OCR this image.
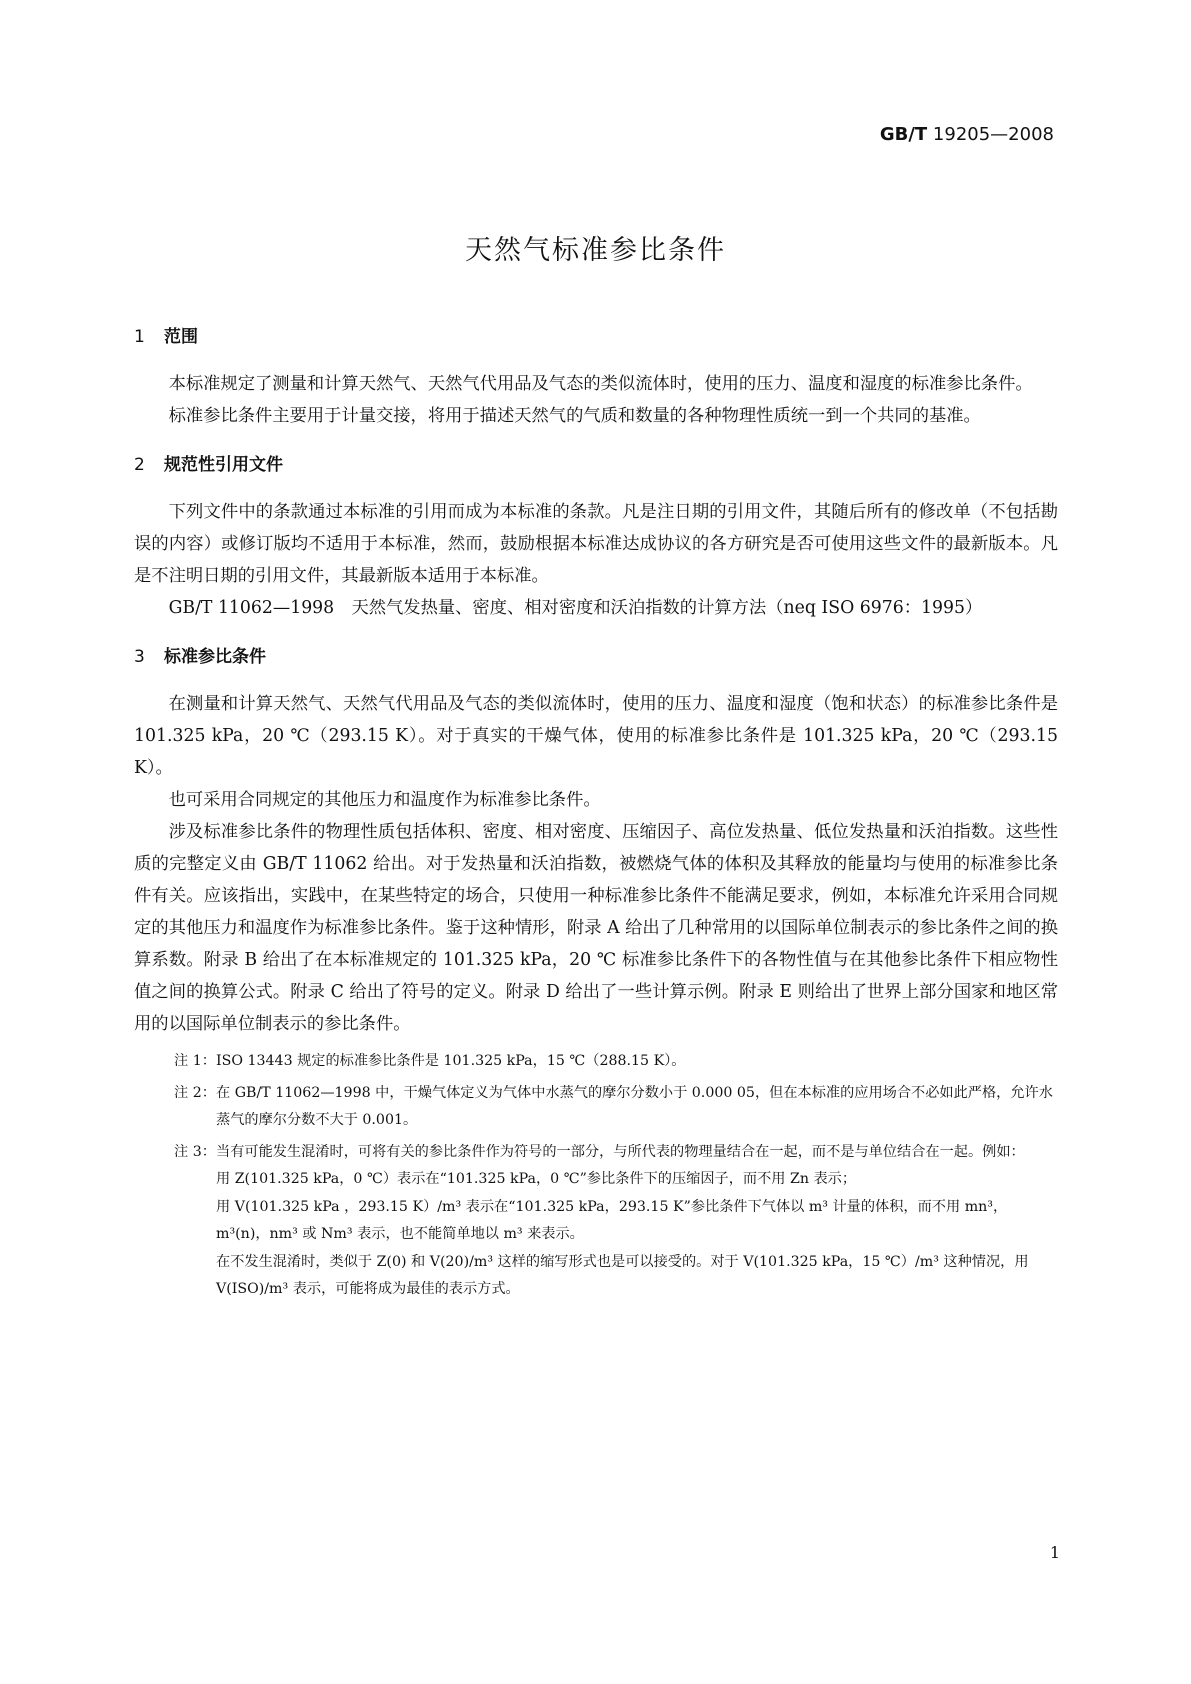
GB/T 19205—2008
天然气标准参比条件
1 范围

本标准规定了测量和计算天然气、天然气代用品及气态的类似流体时，使用的压力、温度和湿度的标准参比条件。

标准参比条件主要用于计量交接，将用于描述天然气的气质和数量的各种物理性质统一到一个共同的基准。

2 规范性引用文件

下列文件中的条款通过本标准的引用而成为本标准的条款。凡是注日期的引用文件，其随后所有的修改单（不包括勘误的内容）或修订版均不适用于本标准，然而，鼓励根据本标准达成协议的各方研究是否可使用这些文件的最新版本。凡是不注明日期的引用文件，其最新版本适用于本标准。

GB/T 11062—1998　天然气发热量、密度、相对密度和沃泊指数的计算方法（neq ISO 6976：1995）

3 标准参比条件

在测量和计算天然气、天然气代用品及气态的类似流体时，使用的压力、温度和湿度（饱和状态）的标准参比条件是 101.325 kPa，20 ℃（293.15 K）。对于真实的干燥气体，使用的标准参比条件是 101.325 kPa，20 ℃（293.15 K）。

也可采用合同规定的其他压力和温度作为标准参比条件。

涉及标准参比条件的物理性质包括体积、密度、相对密度、压缩因子、高位发热量、低位发热量和沃泊指数。这些性质的完整定义由 GB/T 11062 给出。对于发热量和沃泊指数，被燃烧气体的体积及其释放的能量均与使用的标准参比条件有关。应该指出，实践中，在某些特定的场合，只使用一种标准参比条件不能满足要求，例如，本标准允许采用合同规定的其他压力和温度作为标准参比条件。鉴于这种情形，附录 A 给出了几种常用的以国际单位制表示的参比条件之间的换算系数。附录 B 给出了在本标准规定的 101.325 kPa，20 ℃ 标准参比条件下的各物性值与在其他参比条件下相应物性值之间的换算公式。附录 C 给出了符号的定义。附录 D 给出了一些计算示例。附录 E 则给出了世界上部分国家和地区常用的以国际单位制表示的参比条件。

注 1： ISO 13443 规定的标准参比条件是 101.325 kPa，15 ℃（288.15 K）。
注 2： 在 GB/T 11062—1998 中，干燥气体定义为气体中水蒸气的摩尔分数小于 0.000 05，但在本标准的应用场合不必如此严格，允许水蒸气的摩尔分数不大于 0.001。
注 3： 当有可能发生混淆时，可将有关的参比条件作为符号的一部分，与所代表的物理量结合在一起，而不是与单位结合在一起。例如：
用 Z(101.325 kPa，0 ℃）表示在“101.325 kPa，0 ℃”参比条件下的压缩因子，而不用 Zn 表示；
用 V(101.325 kPa ，293.15 K）/m³ 表示在“101.325 kPa，293.15 K”参比条件下气体以 m³ 计量的体积，而不用 mn³，m³(n)，nm³ 或 Nm³ 表示，也不能简单地以 m³ 来表示。
在不发生混淆时，类似于 Z(0) 和 V(20)/m³ 这样的缩写形式也是可以接受的。对于 V(101.325 kPa，15 ℃）/m³ 这种情况，用 V(ISO)/m³ 表示，可能将成为最佳的表示方式。
1
